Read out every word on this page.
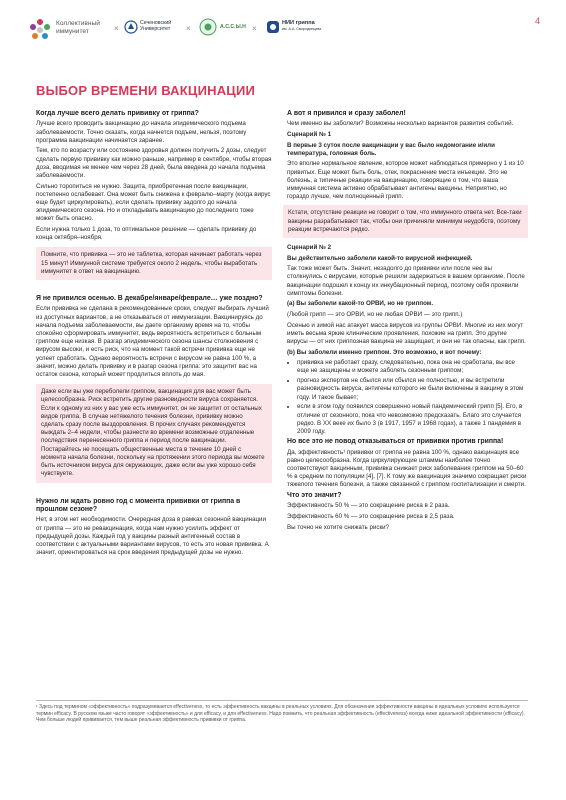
Коллективный
иммунитет	×
Сеченовский
Университет ×	А.С.С.Ы.Н ×
НИИ гриппа
им. А.А. Смородинцева
4
ВЫБОР ВРЕМЕНИ ВАКЦИНАЦИИ
Когда лучше всего делать прививку от гриппа?

Лучше всего проводить вакцинацию до начала эпидемического подъема заболеваемости. Точно сказать, когда начнется подъем, нельзя, поэтому программа вакцинации начинается заранее.

Тем, кто по возрасту или состоянию здоровья должен получить 2 дозы, следует сделать первую прививку как можно раньше, например в сентябре, чтобы вторая доза, вводимая не менее чем через 28 дней, была введена до начала подъема заболеваемости.

Сильно торопиться не нужно. Защита, приобретенная после вакцинации, постепенно ослабевает. Она может быть снижена к февралю–марту (когда вирус еще будет циркулировать), если сделать прививку задолго до начала эпидемического сезона. Но и откладывать вакцинацию до последнего тоже может быть опасно.

Если нужна только 1 доза, то оптимальное решение — сделать прививку до конца октября–ноября.

Помните, что прививка — это не таблетка, которая начинает работать через 15 минут! Иммунной системе требуется около 2 недель, чтобы выработать иммунитет в ответ на вакцинацию.
Я не привился осенью. В декабре/январе/феврале… уже поздно?

Если прививка не сделана в рекомендованные сроки, следует выбирать лучший из доступных вариантов, а не отказываться от иммунизации. Вакцинируясь до начала подъема заболеваемости, вы даете организму время на то, чтобы спокойно сформировать иммунитет, ведь вероятность встретиться с больным гриппом еще низкая. В разгар эпидемического сезона шансы столкновения с вирусом высоки, и есть риск, что на момент такой встречи прививка еще не успеет сработать. Однако вероятность встречи с вирусом не равна 100 %, а значит, можно делать прививку и в разгар сезона гриппа: это защитит вас на остаток сезона, который может продлиться вплоть до мая.

Даже если вы уже переболели гриппом, вакцинация для вас может быть целесообразна. Риск встретить другие разновидности вируса сохраняется. Если к одному из них у вас уже есть иммунитет, он не защитит от остальных видов гриппа. В случае нетяжелого течения болезни, прививку можно сделать сразу после выздоровления. В прочих случаях рекомендуется выждать 2–4 недели, чтобы разнести во времени возможные отдаленные последствия перенесенного гриппа и период после вакцинации. Постарайтесь не посещать общественные места в течение 10 дней с момента начала болезни, поскольку на протяжении этого периода вы можете быть источником вируса для окружающих, даже если вы уже хорошо себя чувствуете.
Нужно ли ждать ровно год с момента прививки от гриппа в прошлом сезоне?

Нет, в этом нет необходимости. Очередная доза в рамках сезонной вакцинации от гриппа — это не ревакцинация, когда нам нужно усилить эффект от предыдущей дозы. Каждый год у вакцины разный антигенный состав в соответствии с актуальными вариантами вирусов, то есть это новая прививка. А значит, ориентироваться на срок введения предыдущей дозы не нужно.

А вот я привился и сразу заболел!

Чем именно вы заболели? Возможны несколько вариантов развития событий.

Сценарий № 1

В первые 3 суток после вакцинации у вас было недомогание и/или температура, головная боль.

Это вполне нормальное явление, которое может наблюдаться примерно у 1 из 10 привитых. Еще может быть боль, отек, покраснение места инъекции. Это не болезнь, а типичные реакции на вакцинацию, говорящие о том, что ваша иммунная система активно обрабатывает антигены вакцины. Неприятно, но гораздо лучше, чем полноценный грипп.

Кстати, отсутствие реакции не говорит о том, что иммунного ответа нет. Все-таки вакцины разрабатывают так, чтобы они причиняли минимум неудобств, поэтому реакции встречаются редко.

Сценарий № 2

Вы действительно заболели какой-то вирусной инфекцией.

Так тоже может быть. Значит, незадолго до прививки или после нее вы столкнулись с вирусами, которые решили задержаться в вашем организме. После вакцинации подошел к концу их инкубационный период, поэтому себя проявили симптомы болезни.

(а) Вы заболели какой-то ОРВИ, но не гриппом.

(Любой грипп — это ОРВИ, но не любая ОРВИ — это грипп.)

Осенью и зимой нас атакует масса вирусов из группы ОРВИ. Многие из них могут иметь весьма яркие клинические проявления, похожие на грипп. Это другие вирусы — от них гриппозная вакцина не защищает, и они не так опасны, как грипп.

(b) Вы заболели именно гриппом. Это возможно, и вот почему:

• прививка не работает сразу, следовательно, пока она не сработала, вы все еще не защищены и можете заболеть сезонным гриппом;
• прогноз экспертов не сбылся или сбылся не полностью, и вы встретили разновидность вируса, антигены которого не были включены в вакцину в этом году. И такое бывает;
• если в этом году появился совершенно новый пандемический грипп [5]. Его, в отличие от сезонного, пока что невозможно предсказать. Благо это случается редко. В XX веке их было 3 (в 1917, 1957 и 1968 годах), а также 1 пандемия в 2009 году.
Но все это не повод отказываться от прививки против гриппа!

Да, эффективность¹ прививки от гриппа не равна 100 %, однако вакцинация все равно целесообразна. Когда циркулирующие штаммы наиболее точно соответствуют вакцинным, прививка снижает риск заболевания гриппом на 50–60 % в среднем по популяции [4], [7]. К тому же вакцинация значимо сокращает риски тяжелого течения болезни, а также связанной с гриппом госпитализации и смерти.

Что это значит?

Эффективность 50 % — это сокращение риска в 2 раза.

Эффективность 60 % — это сокращение риска в 2,5 раза.

Вы точно не хотите снижать риски?

¹ Здесь под термином «эффективность» подразумевается effectiveness, то есть эффективность вакцины в реальных условиях. Для обозначения эффективности вакцины в идеальных условиях используется термин efficacy. В русском языке часто говорят «эффективность» и для efficacy, и для effectiveness. Надо помнить, что реальная эффективность (effectiveness) всегда ниже идеальной эффективности (efficacy). Чем больше людей прививается, тем выше реальная эффективность прививки от гриппа.
